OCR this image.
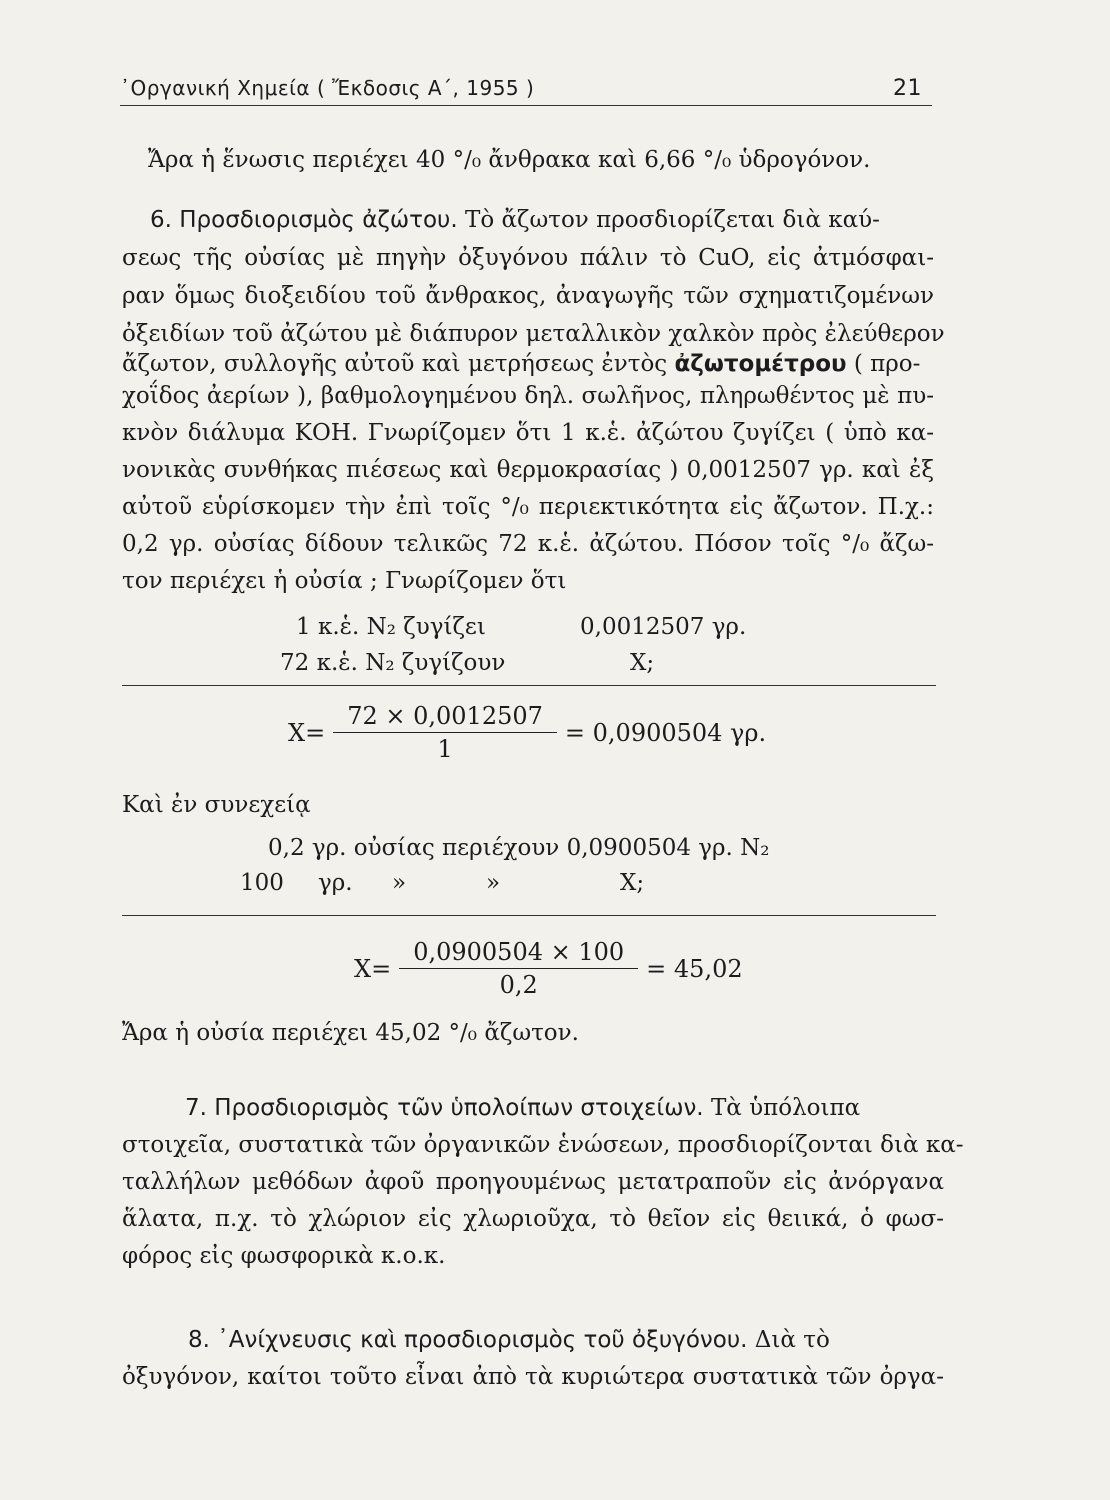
᾿Οργανική Χημεία ( Ἔκδοσις Α΄, 1955 )	21
Ἄρα ἡ ἕνωσις περιέχει 40 °/₀ ἄνθρακα καὶ 6,66 °/₀ ὑδρογόνον.
6. Προσδιορισμὸς ἀζώτου. Τὸ ἄζωτον προσδιορίζεται διὰ καύ-
σεως τῆς οὐσίας μὲ πηγὴν ὀξυγόνου πάλιν τὸ CuO, εἰς ἀτμόσφαι-
ραν ὅμως διοξειδίου τοῦ ἄνθρακος, ἀναγωγῆς τῶν σχηματιζομένων
ὀξειδίων τοῦ ἀζώτου μὲ διάπυρον μεταλλικὸν χαλκὸν πρὸς ἐλεύθερον
ἄζωτον, συλλογῆς αὐτοῦ καὶ μετρήσεως ἐντὸς ἀζωτομέτρου ( προ-
χοΐδος ἀερίων ), βαθμολογημένου δηλ. σωλῆνος, πληρωθέντος μὲ πυ-
κνὸν διάλυμα ΚΟΗ. Γνωρίζομεν ὅτι 1 κ.ἑ. ἀζώτου ζυγίζει ( ὑπὸ κα-
νονικὰς συνθήκας πιέσεως καὶ θερμοκρασίας ) 0,0012507 γρ. καὶ ἐξ
αὐτοῦ εὑρίσκομεν τὴν ἐπὶ τοῖς °/₀ περιεκτικότητα εἰς ἄζωτον. Π.χ.:
0,2 γρ. οὐσίας δίδουν τελικῶς 72 κ.ἑ. ἀζώτου. Πόσον τοῖς °/₀ ἄζω-
τον περιέχει ἡ οὐσία ; Γνωρίζομεν ὅτι
1 κ.ἑ. N₂ ζυγίζει	0,0012507 γρ.
72 κ.ἑ. N₂ ζυγίζουν	Χ;
$X= \frac{72 \times 0,0012507}{1} = 0,0900504$ γρ.
Καὶ ἐν συνεχείᾳ
0,2 γρ. οὐσίας περιέχουν 0,0900504 γρ. N₂
100 γρ. »	»	Χ;
$X= \frac{0,0900504 \times 100}{0,2} = 45,02$
Ἄρα ἡ οὐσία περιέχει 45,02 °/₀ ἄζωτον.
7. Προσδιορισμὸς τῶν ὑπολοίπων στοιχείων. Τὰ ὑπόλοιπα
στοιχεῖα, συστατικὰ τῶν ὀργανικῶν ἑνώσεων, προσδιορίζονται διὰ κα-
ταλλήλων μεθόδων ἀφοῦ προηγουμένως μετατραποῦν εἰς ἀνόργανα
ἅλατα, π.χ. τὸ χλώριον εἰς χλωριοῦχα, τὸ θεῖον εἰς θειικά, ὁ φωσ-
φόρος εἰς φωσφορικὰ κ.ο.κ.
8. ᾿Ανίχνευσις καὶ προσδιορισμὸς τοῦ ὀξυγόνου. Διὰ τὸ
ὀξυγόνον, καίτοι τοῦτο εἶναι ἀπὸ τὰ κυριώτερα συστατικὰ τῶν ὀργα-
